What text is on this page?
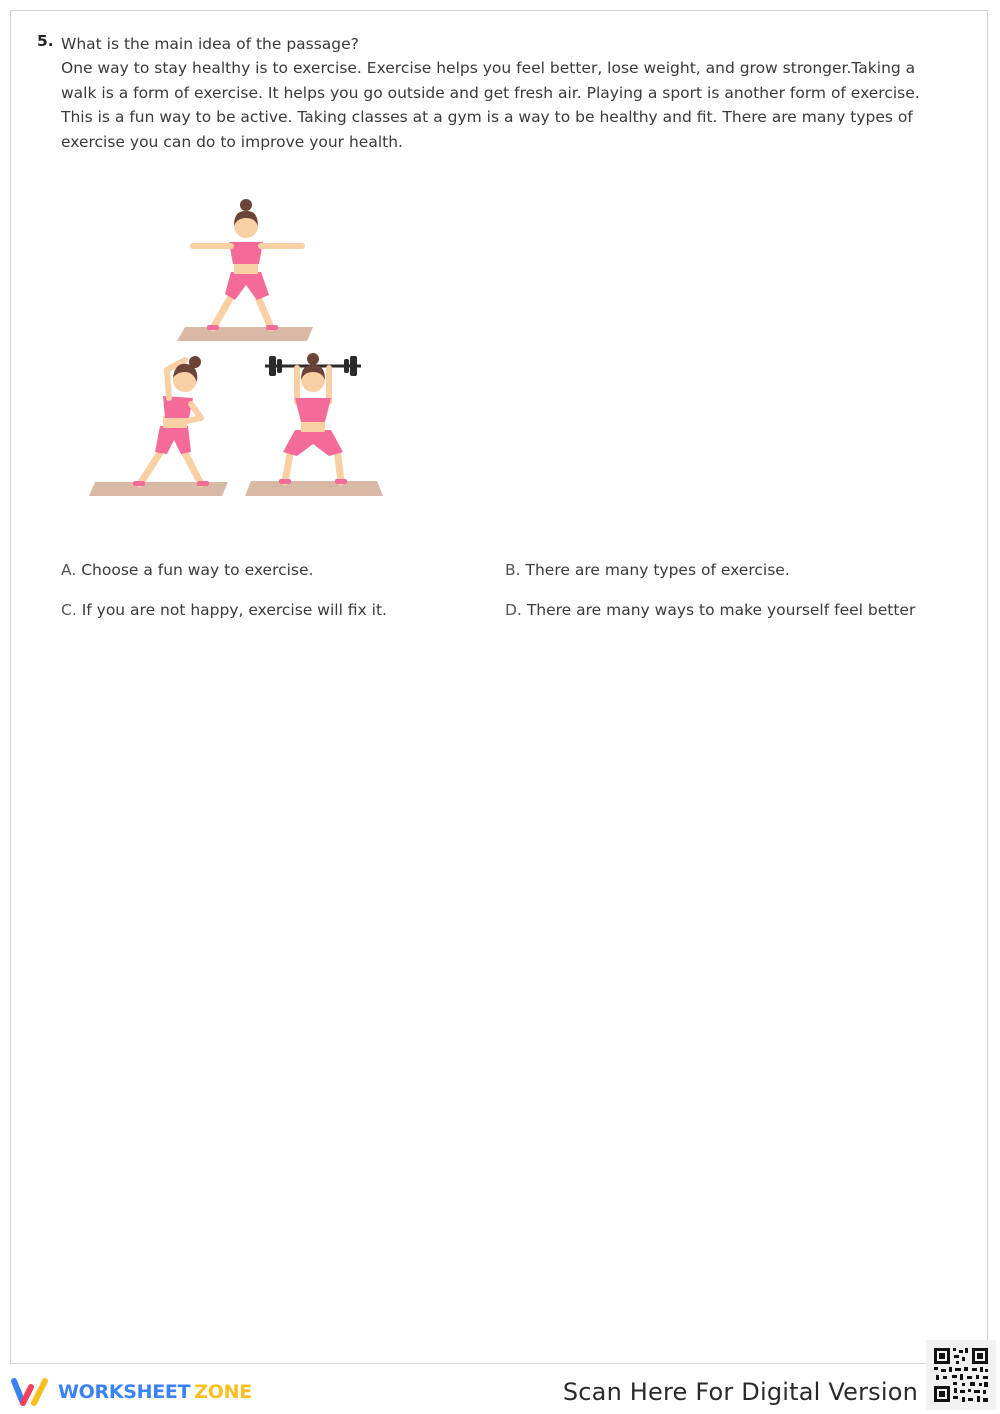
5. What is the main idea of the passage?
One way to stay healthy is to exercise. Exercise helps you feel better, lose weight, and grow stronger.Taking a walk is a form of exercise. It helps you go outside and get fresh air. Playing a sport is another form of exercise. This is a fun way to be active. Taking classes at a gym is a way to be healthy and fit. There are many types of exercise you can do to improve your health.
A. Choose a fun way to exercise.	B. There are many types of exercise.
C. If you are not happy, exercise will fix it.	D. There are many ways to make yourself feel better
WORKSHEET ZONE	Scan Here For Digital Version
